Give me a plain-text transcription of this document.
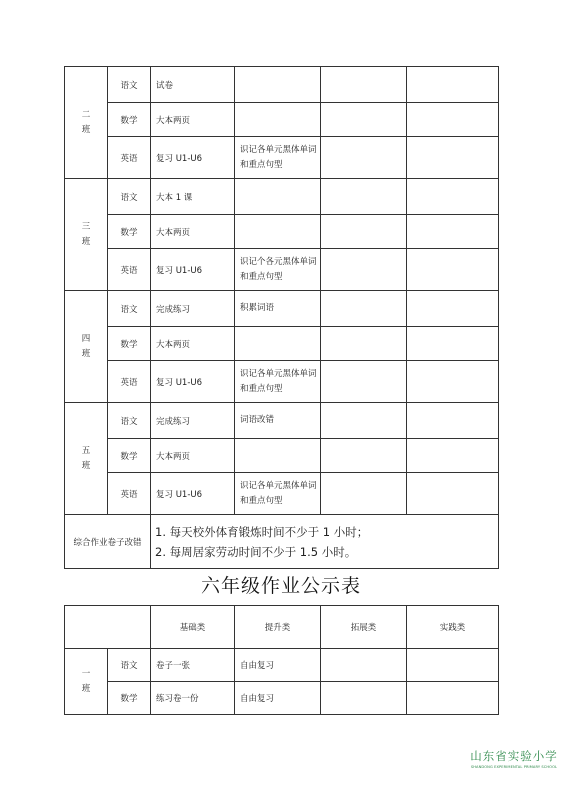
二
班	语文	试卷			
	数学	大本两页			
	英语	复习 U1-U6	识记各单元黑体单词和重点句型		

三
班	语文	大本 1 课			
	数学	大本两页			
	英语	复习 U1-U6	识记个各元黑体单词和重点句型		

四
班	语文	完成练习	积累词语		
	数学	大本两页			
	英语	复习 U1-U6	识记各单元黑体单词和重点句型		

五
班	语文	完成练习	词语改错		
	数学	大本两页			
	英语	复习 U1-U6	识记各单元黑体单词和重点句型		
综合作业卷子改错		1. 每天校外体育锻炼时间不少于 1 小时；
2. 每周居家劳动时间不少于 1.5 小时。			
六年级作业公示表
		基础类	提升类	拓展类	实践类

一
班	语文	卷子一张	自由复习		
	数学	练习卷一份	自由复习		
山东省实验小学
SHANDONG EXPERIMENTAL PRIMARY SCHOOL
